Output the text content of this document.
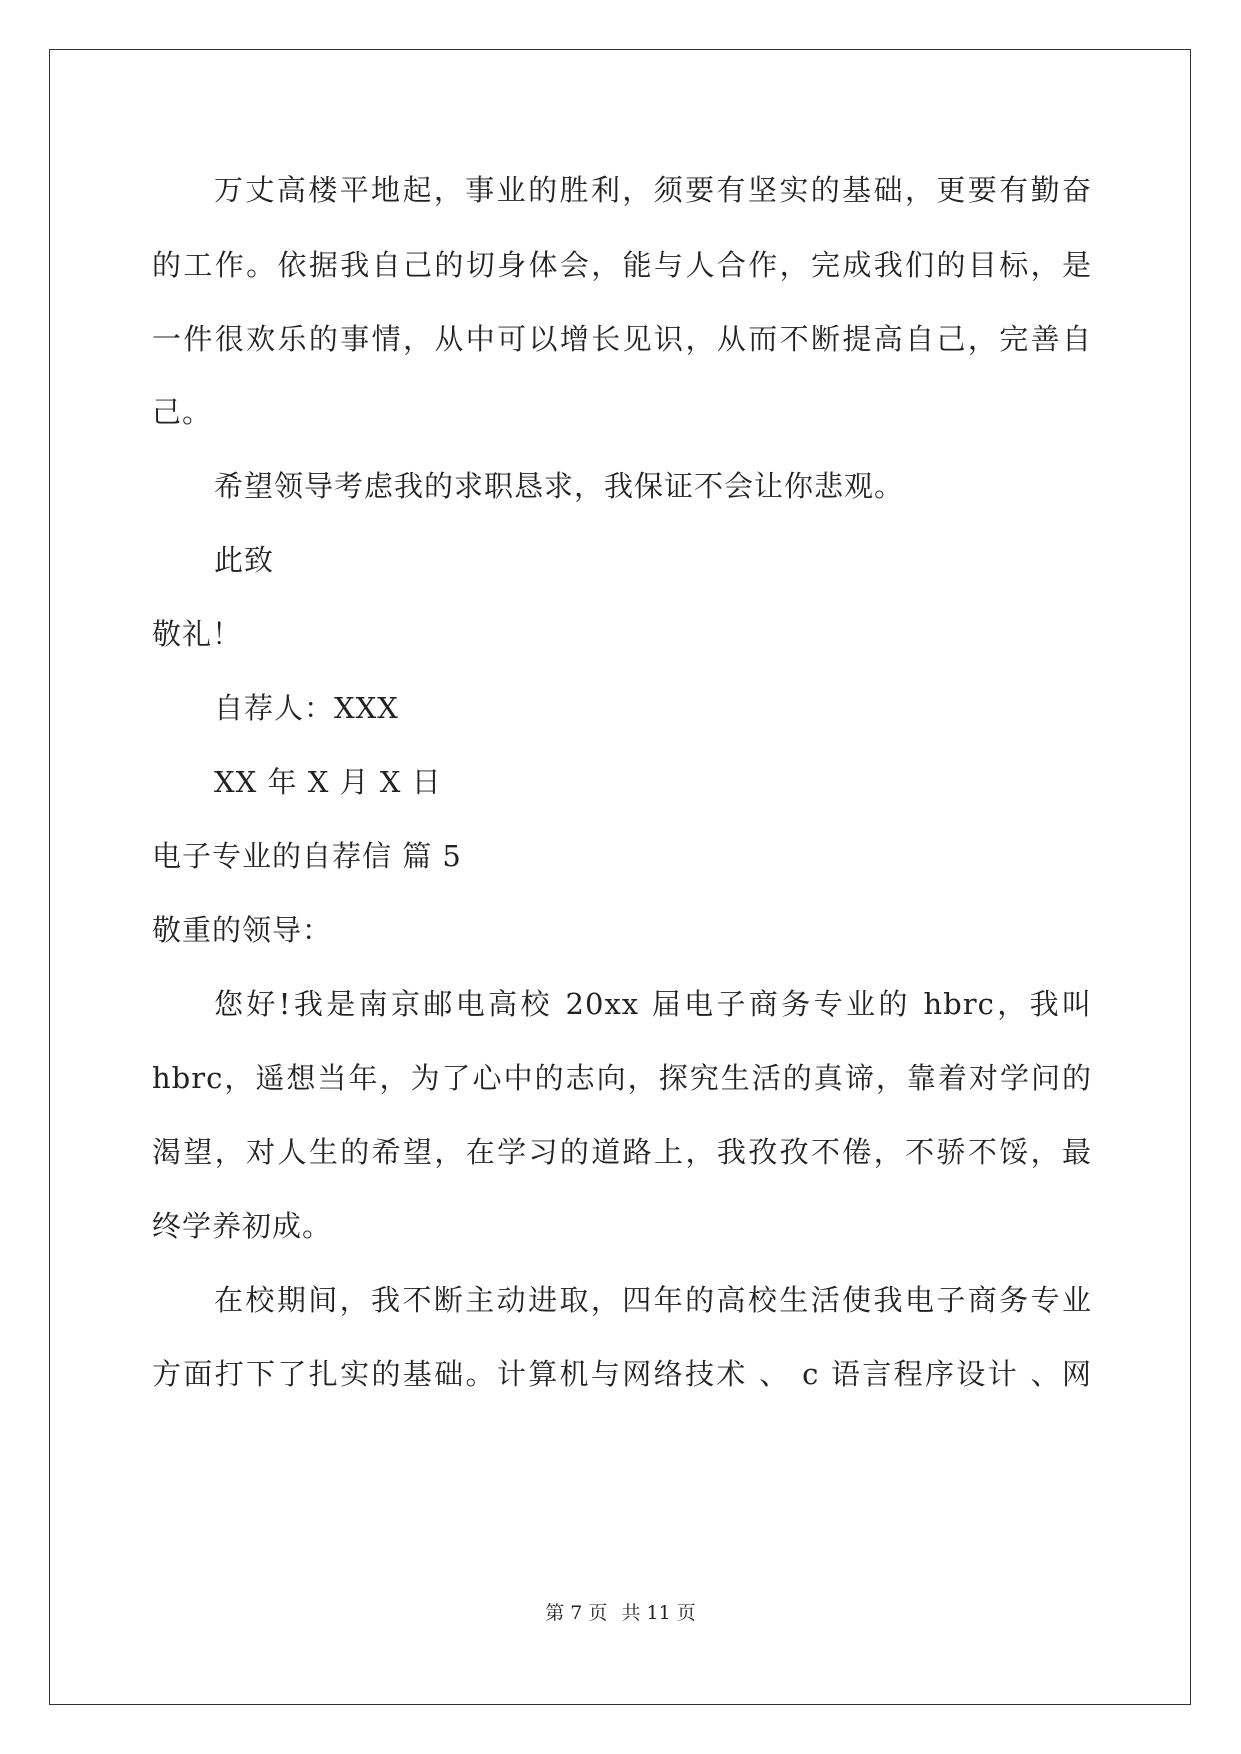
万丈高楼平地起，事业的胜利，须要有坚实的基础，更要有勤奋
的工作。依据我自己的切身体会，能与人合作，完成我们的目标，是
一件很欢乐的事情，从中可以增长见识，从而不断提高自己，完善自
己。
希望领导考虑我的求职恳求，我保证不会让你悲观。
此致
敬礼！
自荐人：XXX
XX 年 X 月 X 日
电子专业的自荐信 篇 5
敬重的领导：
您好!我是南京邮电高校 20xx 届电子商务专业的 hbrc，我叫
hbrc，遥想当年，为了心中的志向，探究生活的真谛，靠着对学问的
渴望，对人生的希望，在学习的道路上，我孜孜不倦，不骄不馁，最
终学养初成。
在校期间，我不断主动进取，四年的高校生活使我电子商务专业
方面打下了扎实的基础。计算机与网络技术 、 c 语言程序设计 、网
第 7 页 共 11 页
